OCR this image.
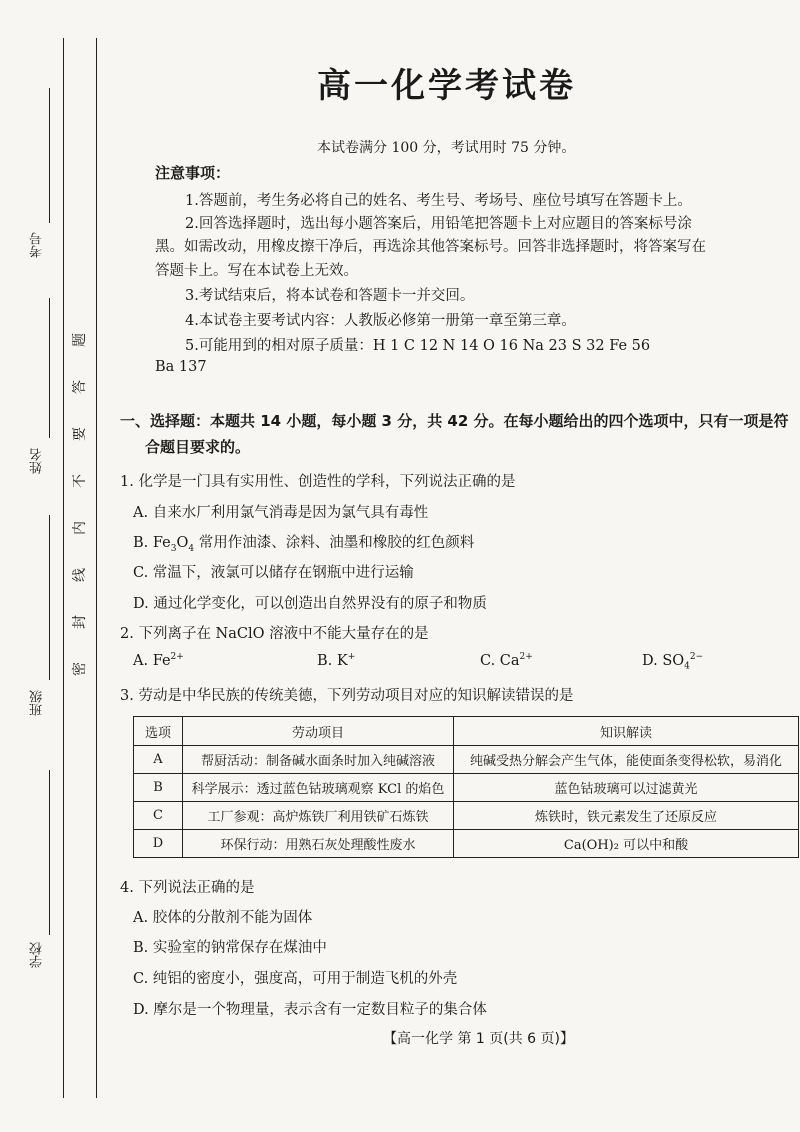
考号
姓名
班级
学校
题
答
要
不
内
线
封
密
高一化学考试卷
本试卷满分 100 分，考试用时 75 分钟。
注意事项：
1.答题前，考生务必将自己的姓名、考生号、考场号、座位号填写在答题卡上。
2.回答选择题时，选出每小题答案后，用铅笔把答题卡上对应题目的答案标号涂
黑。如需改动，用橡皮擦干净后，再选涂其他答案标号。回答非选择题时，将答案写在
答题卡上。写在本试卷上无效。
3.考试结束后，将本试卷和答题卡一并交回。
4.本试卷主要考试内容：人教版必修第一册第一章至第三章。
5.可能用到的相对原子质量：H 1 C 12 N 14 O 16 Na 23 S 32 Fe 56
Ba 137
一、选择题：本题共 14 小题，每小题 3 分，共 42 分。在每小题给出的四个选项中，只有一项是符
合题目要求的。
1. 化学是一门具有实用性、创造性的学科，下列说法正确的是
A. 自来水厂利用氯气消毒是因为氯气具有毒性
B. $Fe_3O_4$ 常用作油漆、涂料、油墨和橡胶的红色颜料
C. 常温下，液氯可以储存在钢瓶中进行运输
D. 通过化学变化，可以创造出自然界没有的原子和物质
2. 下列离子在 NaClO 溶液中不能大量存在的是
A. $Fe^{2+}$	B. K+	C. $Ca^{2+}$	D. $SO_4^{2-}$
3. 劳动是中华民族的传统美德，下列劳动项目对应的知识解读错误的是
选项	劳动项目	知识解读
A	帮厨活动：制备碱水面条时加入纯碱溶液	纯碱受热分解会产生气体，能使面条变得松软，易消化
B	科学展示：透过蓝色钴玻璃观察 KCl 的焰色	蓝色钴玻璃可以过滤黄光
C	工厂参观：高炉炼铁厂利用铁矿石炼铁	炼铁时，铁元素发生了还原反应
D	环保行动：用熟石灰处理酸性废水	Ca(OH)₂ 可以中和酸
4. 下列说法正确的是
A. 胶体的分散剂不能为固体
B. 实验室的钠常保存在煤油中
C. 纯铝的密度小，强度高，可用于制造飞机的外壳
D. 摩尔是一个物理量，表示含有一定数目粒子的集合体
【高一化学 第 1 页(共 6 页)】
